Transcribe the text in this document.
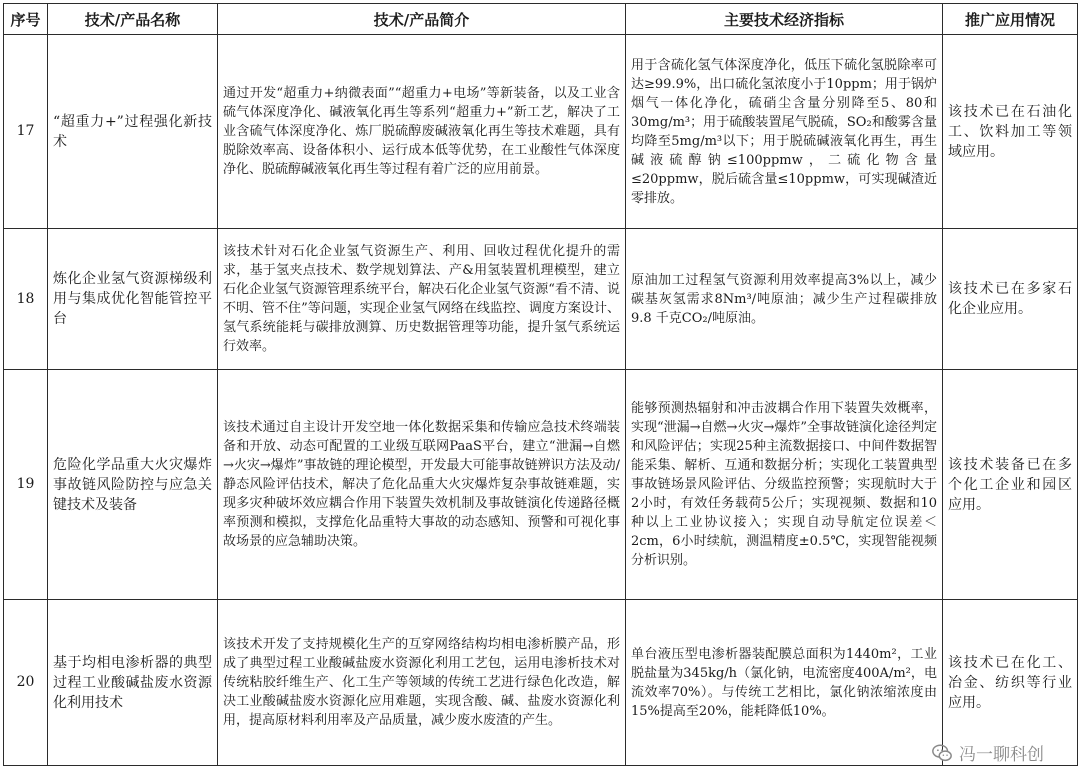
序号	技术/产品名称	技术/产品简介	主要技术经济指标	推广应用情况
17	“超重力+”过程强化新技术	通过开发“超重力+纳微表面”“超重力+电场”等新装备，以及工业含硫气体深度净化、碱液氧化再生等系列“超重力+”新工艺，解决了工业含硫气体深度净化、炼厂脱硫醇废碱液氧化再生等技术难题，具有脱除效率高、设备体积小、运行成本低等优势，在工业酸性气体深度净化、脱硫醇碱液氧化再生等过程有着广泛的应用前景。	用于含硫化氢气体深度净化，低压下硫化氢脱除率可达≥99.9%，出口硫化氢浓度小于10ppm；用于锅炉烟气一体化净化，硫硝尘含量分别降至5、80和30mg/m³；用于硫酸装置尾气脱硫，SO₂和酸雾含量均降至5mg/m³以下；用于脱硫碱液氧化再生，再生碱液硫醇钠≤100ppmw，二硫化物含量≤20ppmw，脱后硫含量≤10ppmw，可实现碱渣近零排放。	该技术已在石油化工、饮料加工等领域应用。
18	炼化企业氢气资源梯级利用与集成优化智能管控平台	该技术针对石化企业氢气资源生产、利用、回收过程优化提升的需求，基于氢夹点技术、数学规划算法、产&用氢装置机理模型，建立石化企业氢气资源管理系统平台，解决石化企业氢气资源“看不清、说不明、管不住”等问题，实现企业氢气网络在线监控、调度方案设计、氢气系统能耗与碳排放测算、历史数据管理等功能，提升氢气系统运行效率。	原油加工过程氢气资源利用效率提高3%以上，减少碳基灰氢需求8Nm³/吨原油；减少生产过程碳排放9.8 千克CO₂/吨原油。	该技术已在多家石化企业应用。
19	危险化学品重大火灾爆炸事故链风险防控与应急关键技术及装备	该技术通过自主设计开发空地一体化数据采集和传输应急技术终端装备和开放、动态可配置的工业级互联网PaaS平台，建立“泄漏→自燃→火灾→爆炸”事故链的理论模型，开发最大可能事故链辨识方法及动/静态风险评估技术，解决了危化品重大火灾爆炸复杂事故链难题，实现多灾种破坏效应耦合作用下装置失效机制及事故链演化传递路径概率预测和模拟，支撑危化品重特大事故的动态感知、预警和可视化事故场景的应急辅助决策。	能够预测热辐射和冲击波耦合作用下装置失效概率，实现“泄漏→自燃→火灾→爆炸”全事故链演化途径判定和风险评估；实现25种主流数据接口、中间件数据智能采集、解析、互通和数据分析；实现化工装置典型事故链场景风险评估、分级监控预警；实现航时大于2小时，有效任务载荷5公斤；实现视频、数据和10种以上工业协议接入；实现自动导航定位误差＜2cm，6小时续航，测温精度±0.5℃，实现智能视频分析识别。	该技术装备已在多个化工企业和园区应用。
20	基于均相电渗析器的典型过程工业酸碱盐废水资源化利用技术	该技术开发了支持规模化生产的互穿网络结构均相电渗析膜产品，形成了典型过程工业酸碱盐废水资源化利用工艺包，运用电渗析技术对传统粘胶纤维生产、化工生产等领域的传统工艺进行绿色化改造，解决工业酸碱盐废水资源化应用难题，实现含酸、碱、盐废水资源化利用，提高原材料利用率及产品质量，减少废水废渣的产生。	单台液压型电渗析器装配膜总面积为1440m²，工业脱盐量为345kg/h（氯化钠，电流密度400A/m²，电流效率70%）。与传统工艺相比，氯化钠浓缩浓度由15%提高至20%，能耗降低10%。	该技术已在化工、冶金、纺织等行业应用。
冯一聊科创
